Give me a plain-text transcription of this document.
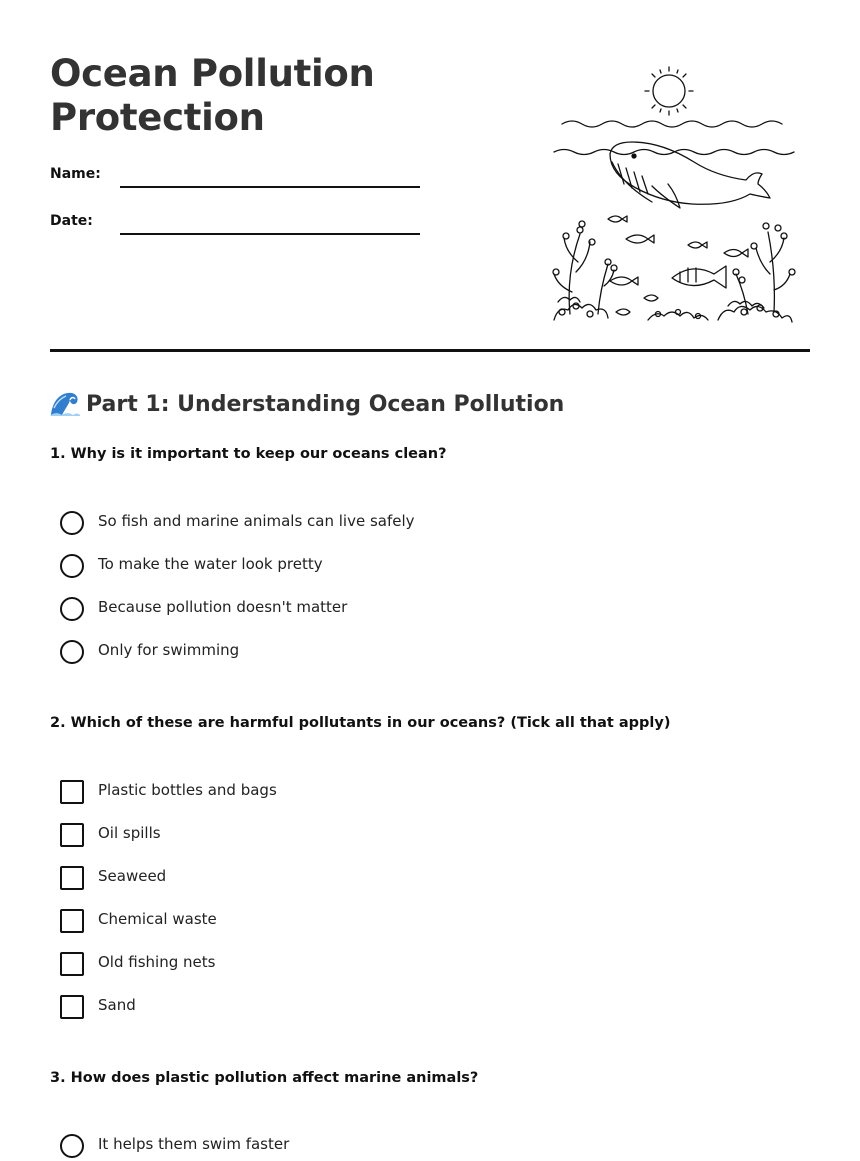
Ocean Pollution
Protection
Name:
Date:
Part 1: Understanding Ocean Pollution
1. Why is it important to keep our oceans clean?
So fish and marine animals can live safely
To make the water look pretty
Because pollution doesn't matter
Only for swimming
2. Which of these are harmful pollutants in our oceans? (Tick all that apply)
Plastic bottles and bags
Oil spills
Seaweed
Chemical waste
Old fishing nets
Sand
3. How does plastic pollution affect marine animals?
It helps them swim faster
